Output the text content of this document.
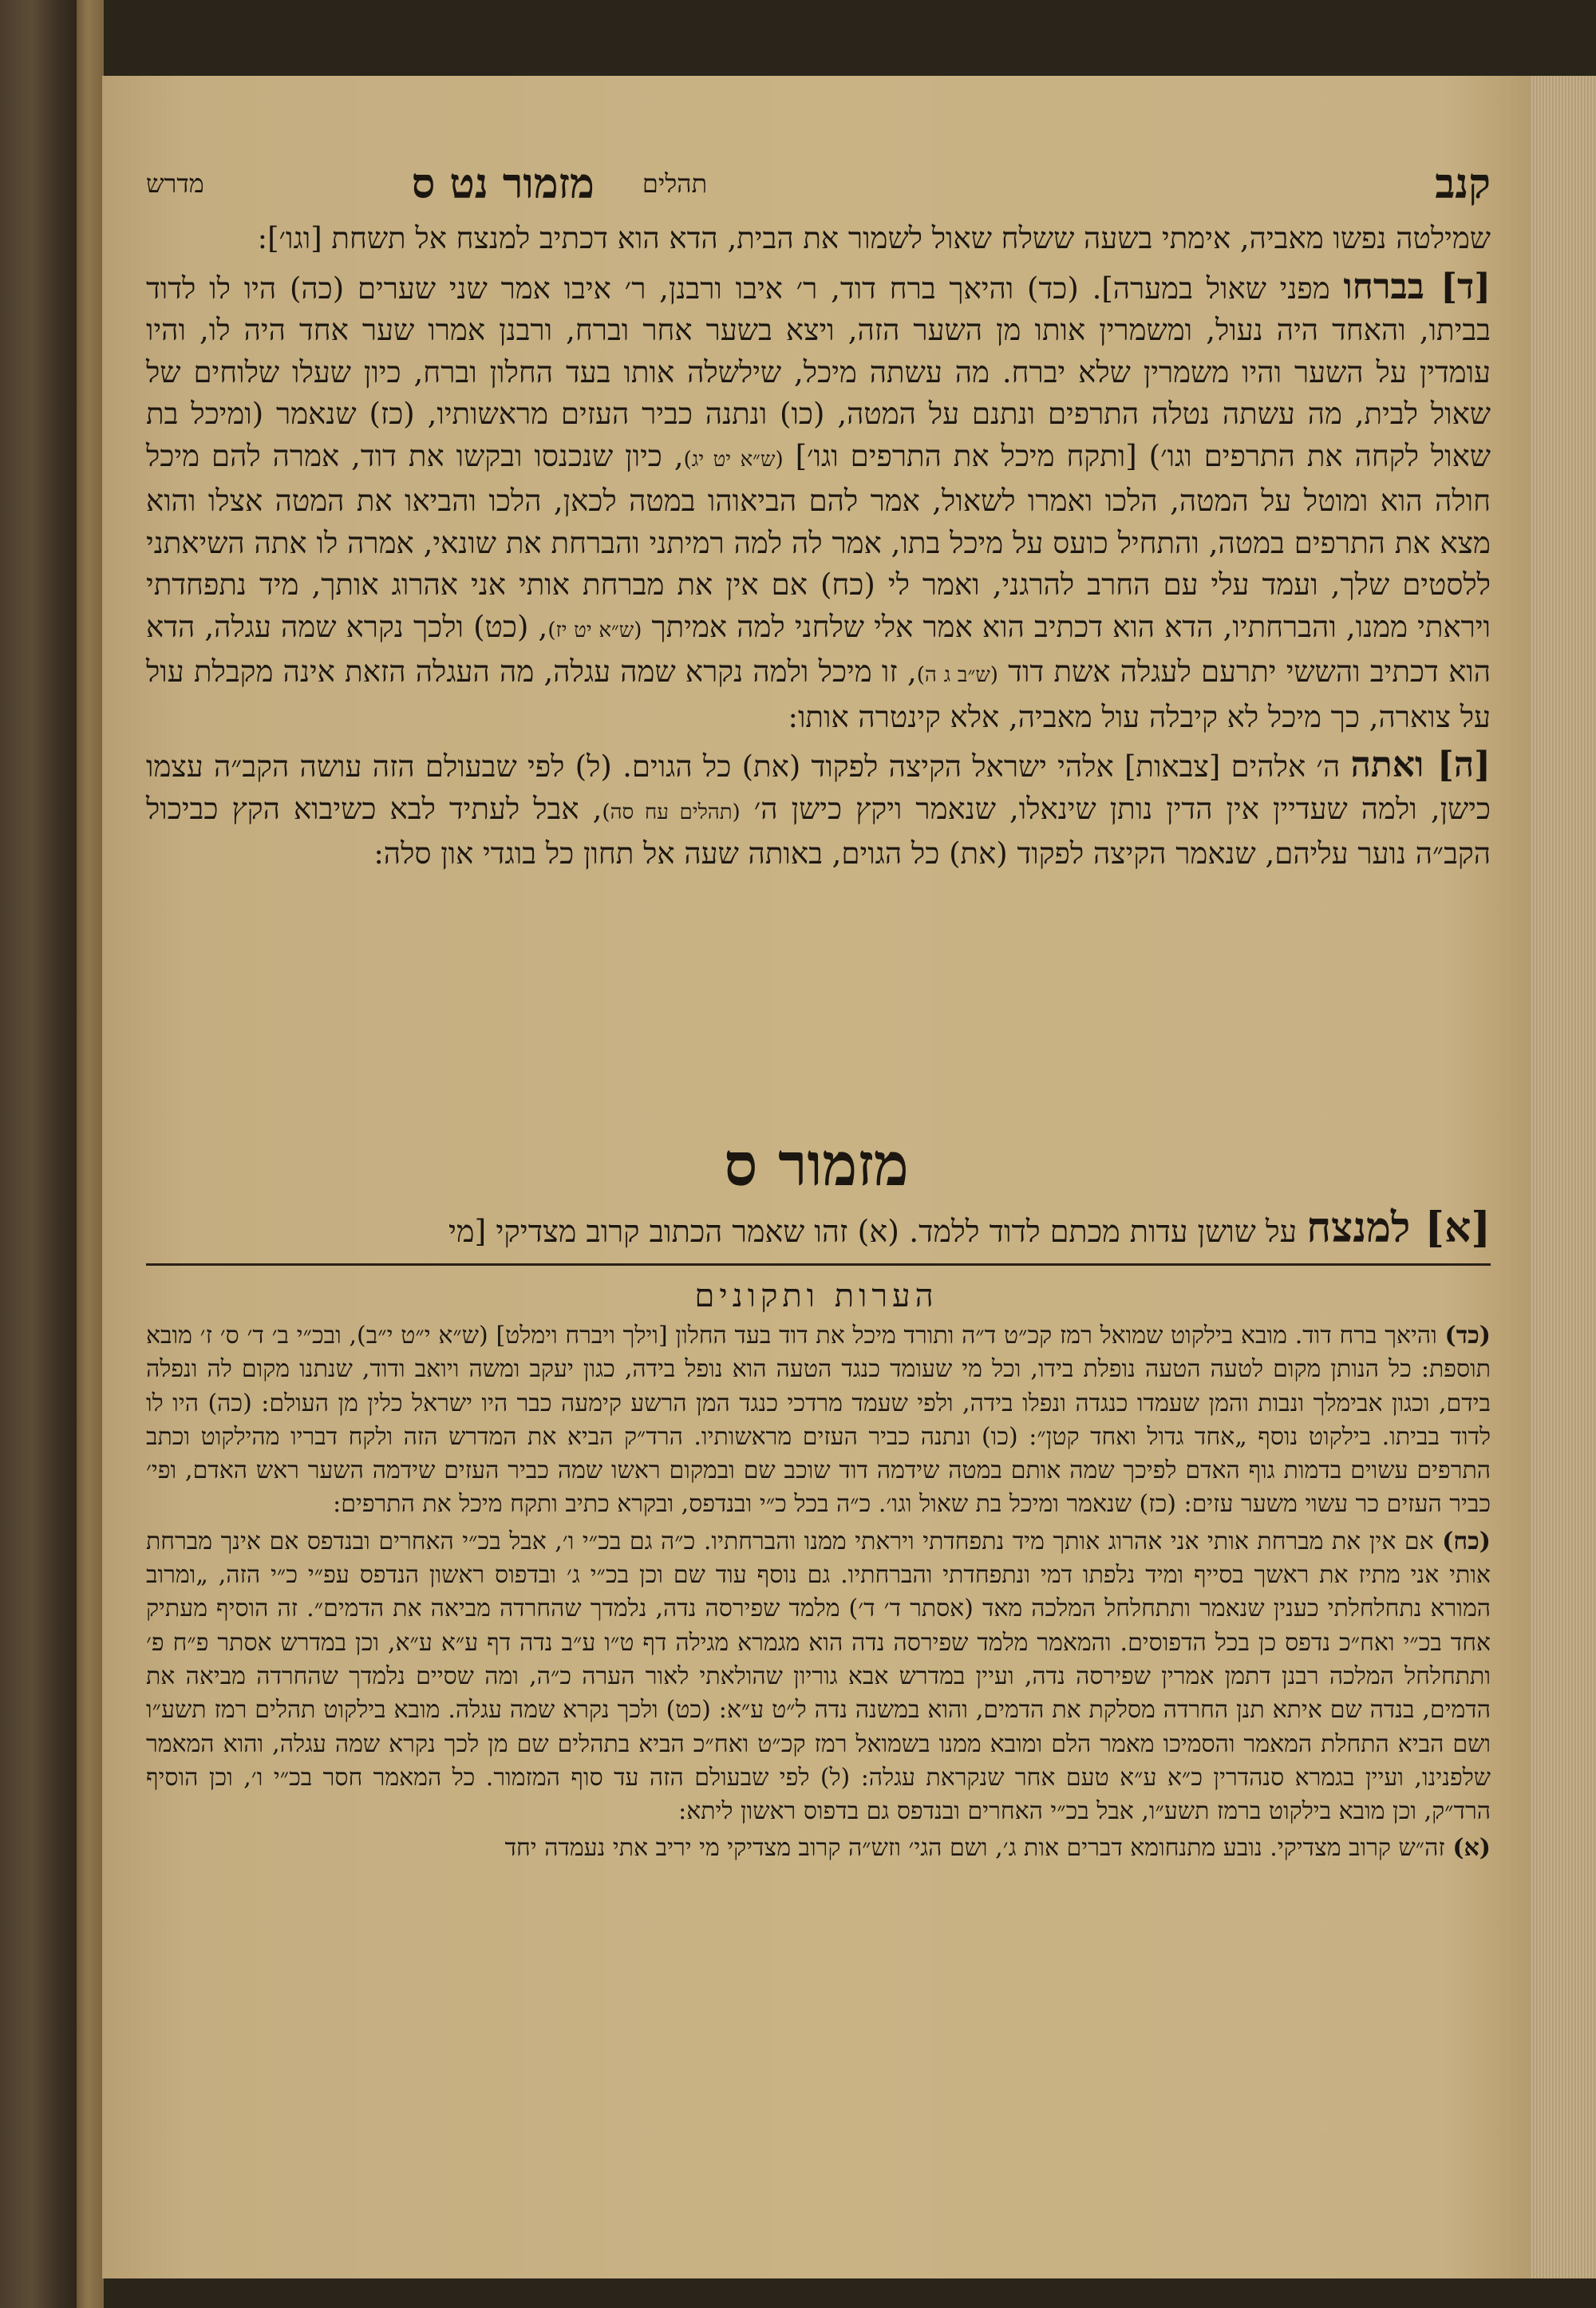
קנב
תהלים
מזמור נט ס
מדרש

שמילטה נפשו מאביה, אימתי בשעה ששלח שאול לשמור את הבית, הדא הוא דכתיב למנצח אל תשחת [וגו׳]:

[ד] בברחו מפני שאול במערה]. (כד) והיאך ברח דוד, ר׳ איבו ורבנן, ר׳ איבו אמר שני שערים (כה) היו לו לדוד בביתו, והאחד היה נעול, ומשמרין אותו מן השער הזה, ויצא בשער אחר וברח, ורבנן אמרו שער אחד היה לו, והיו עומדין על השער והיו משמרין שלא יברח. מה עשתה מיכל, שילשלה אותו בעד החלון וברח, כיון שעלו שלוחים של שאול לבית, מה עשתה נטלה התרפים ונתנם על המטה, (כו) ונתנה כביר העזים מראשותיו, (כז) שנאמר (ומיכל בת שאול לקחה את התרפים וגו׳) [ותקח מיכל את התרפים וגו׳] (ש״א יט יג), כיון שנכנסו ובקשו את דוד, אמרה להם מיכל חולה הוא ומוטל על המטה, הלכו ואמרו לשאול, אמר להם הביאוהו במטה לכאן, הלכו והביאו את המטה אצלו והוא מצא את התרפים במטה, והתחיל כועס על מיכל בתו, אמר לה למה רמיתני והברחת את שונאי, אמרה לו אתה השיאתני ללסטים שלך, ועמד עלי עם החרב להרגני, ואמר לי (כח) אם אין את מברחת אותי אני אהרוג אותך, מיד נתפחדתי ויראתי ממנו, והברחתיו, הדא הוא דכתיב הוא אמר אלי שלחני למה אמיתך (ש״א יט יז), (כט) ולכך נקרא שמה עגלה, הדא הוא דכתיב והששי יתרעם לעגלה אשת דוד (ש״ב ג ה), זו מיכל ולמה נקרא שמה עגלה, מה העגלה הזאת אינה מקבלת עול על צוארה, כך מיכל לא קיבלה עול מאביה, אלא קינטרה אותו:

[ה] ואתה ה׳ אלהים [צבאות] אלהי ישראל הקיצה לפקוד (את) כל הגוים. (ל) לפי שבעולם הזה עושה הקב״ה עצמו כישן, ולמה שעדיין אין הדין נותן שינאלו, שנאמר ויקץ כישן ה׳ (תהלים עח סה), אבל לעתיד לבא כשיבוא הקץ כביכול הקב״ה נוער עליהם, שנאמר הקיצה לפקוד (את) כל הגוים, באותה שעה אל תחון כל בוגדי און סלה:

מזמור ס
[א] למנצח על שושן עדות מכתם לדוד ללמד. (א) זהו שאמר הכתוב קרוב מצדיקי [מי
הערות ותקונים

(כד) והיאך ברח דוד. מובא בילקוט שמואל רמז קכ״ט ד״ה ותורד מיכל את דוד בעד החלון [וילך ויברח וימלט] (ש״א י״ט י״ב), ובכ״י ב׳ ד׳ ס׳ ז׳ מובא תוספת: כל הנותן מקום לטעה הטעה נופלת בידו, וכל מי שעומד כנגד הטעה הוא נופל בידה, כגון יעקב ומשה ויואב ודוד, שנתנו מקום לה ונפלה בידם, וכגון אבימלך ונבות והמן שעמדו כנגדה ונפלו בידה, ולפי שעמד מרדכי כנגד המן הרשע קימעה כבר היו ישראל כלין מן העולם: (כה) היו לו לדוד בביתו. בילקוט נוסף „אחד גדול ואחד קטן״: (כו) ונתנה כביר העזים מראשותיו. הרד״ק הביא את המדרש הזה ולקח דבריו מהילקוט וכתב התרפים עשוים בדמות גוף האדם לפיכך שמה אותם במטה שידמה דוד שוכב שם ובמקום ראשו שמה כביר העזים שידמה השער ראש האדם, ופי׳ כביר העזים כר עשוי משער עזים: (כז) שנאמר ומיכל בת שאול וגו׳. כ״ה בכל כ״י ובנדפס, ובקרא כתיב ותקח מיכל את התרפים:

(כח) אם אין את מברחת אותי אני אהרוג אותך מיד נתפחדתי ויראתי ממנו והברחתיו. כ״ה גם בכ״י ו׳, אבל בכ״י האחרים ובנדפס אם אינך מברחת אותי אני מתיז את ראשך בסייף ומיד נלפתו דמי ונתפחדתי והברחתיו. גם נוסף עוד שם וכן בכ״י ג׳ ובדפוס ראשון הנדפס עפ״י כ״י הזה, „ומרוב המורא נתחלחלתי כענין שנאמר ותתחלחל המלכה מאד (אסתר ד׳ ד׳) מלמד שפירסה נדה, נלמדך שהחרדה מביאה את הדמים״. זה הוסיף מעתיק אחד בכ״י ואח״כ נדפס כן בכל הדפוסים. והמאמר מלמד שפירסה נדה הוא מגמרא מגילה דף ט״ו ע״ב נדה דף ע״א ע״א, וכן במדרש אסתר פ״ח פ׳ ותתחלחל המלכה רבנן דתמן אמרין שפירסה נדה, ועיין במדרש אבא גוריון שהולאתי לאור הערה כ״ה, ומה שסיים נלמדך שהחרדה מביאה את הדמים, בנדה שם איתא תנן החרדה מסלקת את הדמים, והוא במשנה נדה ל״ט ע״א: (כט) ולכך נקרא שמה עגלה. מובא בילקוט תהלים רמז תשע״ו ושם הביא התחלת המאמר והסמיכו מאמר הלם ומובא ממנו בשמואל רמז קכ״ט ואח״כ הביא בתהלים שם מן לכך נקרא שמה עגלה, והוא המאמר שלפנינו, ועיין בגמרא סנהדרין כ״א ע״א טעם אחר שנקראת עגלה: (ל) לפי שבעולם הזה עד סוף המזמור. כל המאמר חסר בכ״י ו׳, וכן הוסיף הרד״ק, וכן מובא בילקוט ברמז תשע״ו, אבל בכ״י האחרים ובנדפס גם בדפוס ראשון ליתא:

(א) זה״ש קרוב מצדיקי. נובע מתנחומא דברים אות ג׳, ושם הגי׳ וזש״ה קרוב מצדיקי מי יריב אתי נעמדה יחד
